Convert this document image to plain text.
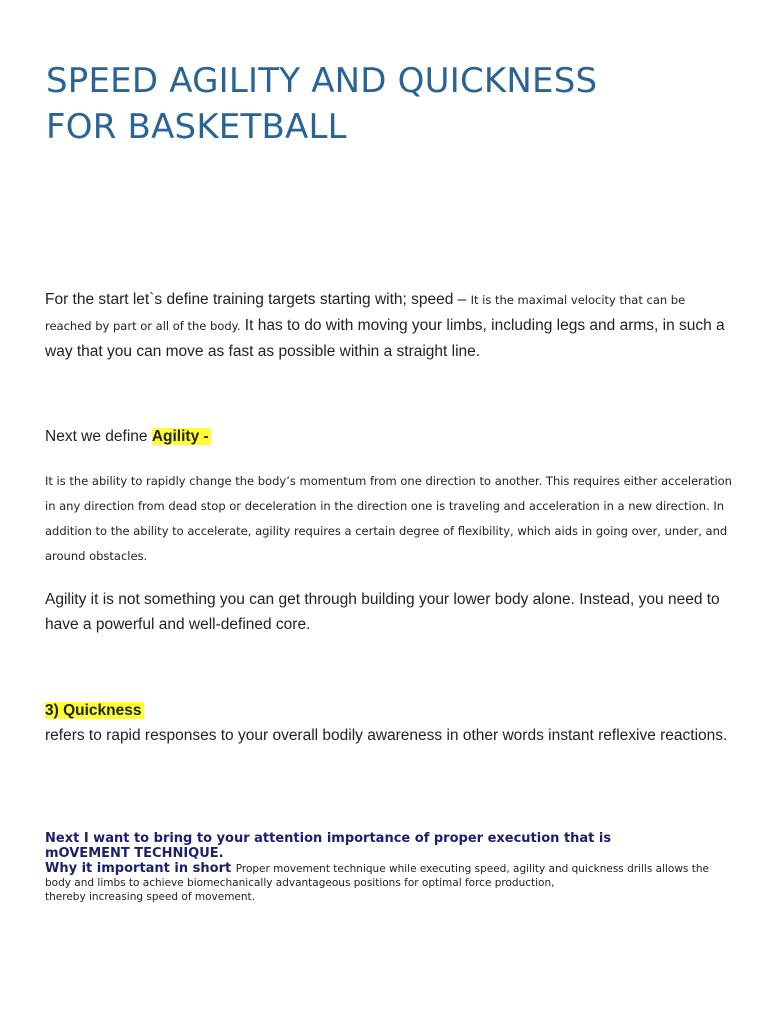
SPEED AGILITY AND QUICKNESS
FOR BASKETBALL

For the start let`s define training targets starting with; speed – It is the maximal velocity that can be reached by part or all of the body. It has to do with moving your limbs, including legs and arms, in such a way that you can move as fast as possible within a straight line.

Next we define Agility -

It is the ability to rapidly change the body’s momentum from one direction to another. This requires either acceleration in any direction from dead stop or deceleration in the direction one is traveling and acceleration in a new direction. In addition to the ability to accelerate, agility requires a certain degree of flexibility, which aids in going over, under, and around obstacles.

Agility it is not something you can get through building your lower body alone. Instead, you need to have a powerful and well-defined core.

3) Quickness

refers to rapid responses to your overall bodily awareness in other words instant reflexive reactions.

Next I want to bring to your attention importance of proper execution that is

mOVEMENT TECHNIQUE.

Why it important in short Proper movement technique while executing speed, agility and quickness drills allows the

body and limbs to achieve biomechanically advantageous positions for optimal force production,

thereby increasing speed of movement.
